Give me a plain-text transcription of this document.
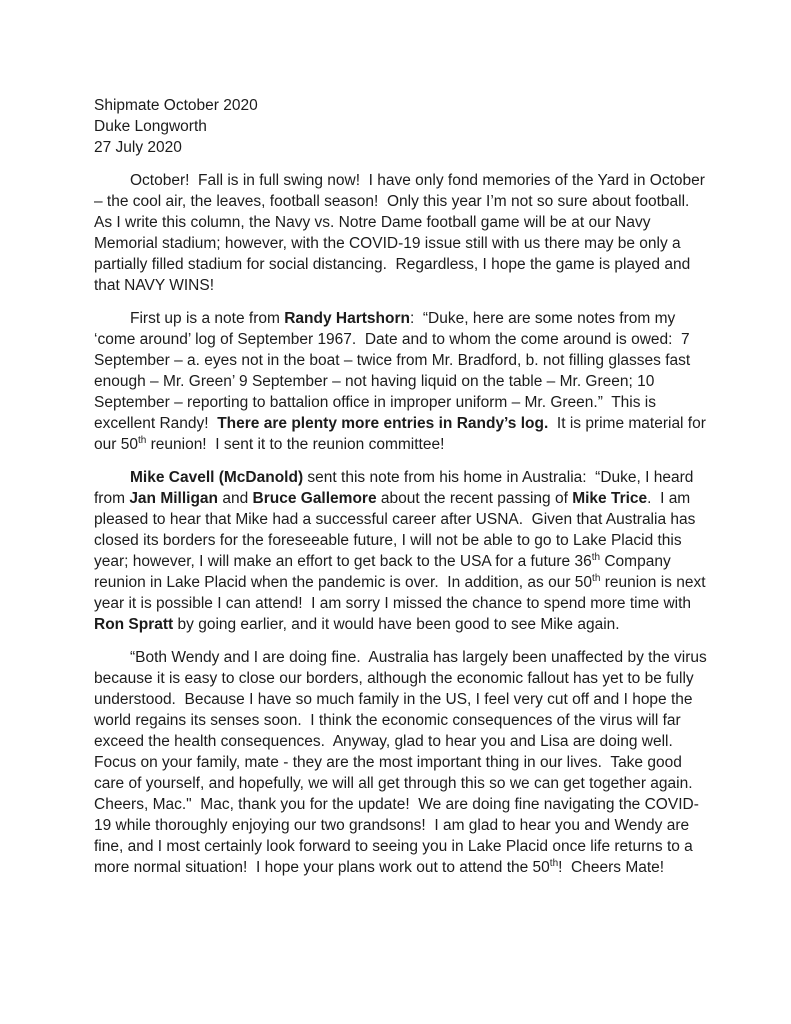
Shipmate October 2020
Duke Longworth
27 July 2020

October!  Fall is in full swing now!  I have only fond memories of the Yard in October – the cool air, the leaves, football season!  Only this year I’m not so sure about football.  As I write this column, the Navy vs. Notre Dame football game will be at our Navy Memorial stadium; however, with the COVID-19 issue still with us there may be only a partially filled stadium for social distancing.  Regardless, I hope the game is played and that NAVY WINS!

First up is a note from Randy Hartshorn:  “Duke, here are some notes from my ‘come around’ log of September 1967.  Date and to whom the come around is owed:  7 September – a. eyes not in the boat – twice from Mr. Bradford, b. not filling glasses fast enough – Mr. Green’ 9 September – not having liquid on the table – Mr. Green; 10 September – reporting to battalion office in improper uniform – Mr. Green.”  This is excellent Randy!  There are plenty more entries in Randy’s log.  It is prime material for our 50th reunion!  I sent it to the reunion committee!

Mike Cavell (McDanold) sent this note from his home in Australia:  “Duke, I heard from Jan Milligan and Bruce Gallemore about the recent passing of Mike Trice.  I am pleased to hear that Mike had a successful career after USNA.  Given that Australia has closed its borders for the foreseeable future, I will not be able to go to Lake Placid this year; however, I will make an effort to get back to the USA for a future 36th Company reunion in Lake Placid when the pandemic is over.  In addition, as our 50th reunion is next year it is possible I can attend!  I am sorry I missed the chance to spend more time with Ron Spratt by going earlier, and it would have been good to see Mike again.

“Both Wendy and I are doing fine.  Australia has largely been unaffected by the virus because it is easy to close our borders, although the economic fallout has yet to be fully understood.  Because I have so much family in the US, I feel very cut off and I hope the world regains its senses soon.  I think the economic consequences of the virus will far exceed the health consequences.  Anyway, glad to hear you and Lisa are doing well.  Focus on your family, mate - they are the most important thing in our lives.  Take good care of yourself, and hopefully, we will all get through this so we can get together again.  Cheers, Mac."  Mac, thank you for the update!  We are doing fine navigating the COVID-19 while thoroughly enjoying our two grandsons!  I am glad to hear you and Wendy are fine, and I most certainly look forward to seeing you in Lake Placid once life returns to a more normal situation!  I hope your plans work out to attend the 50th!  Cheers Mate!
